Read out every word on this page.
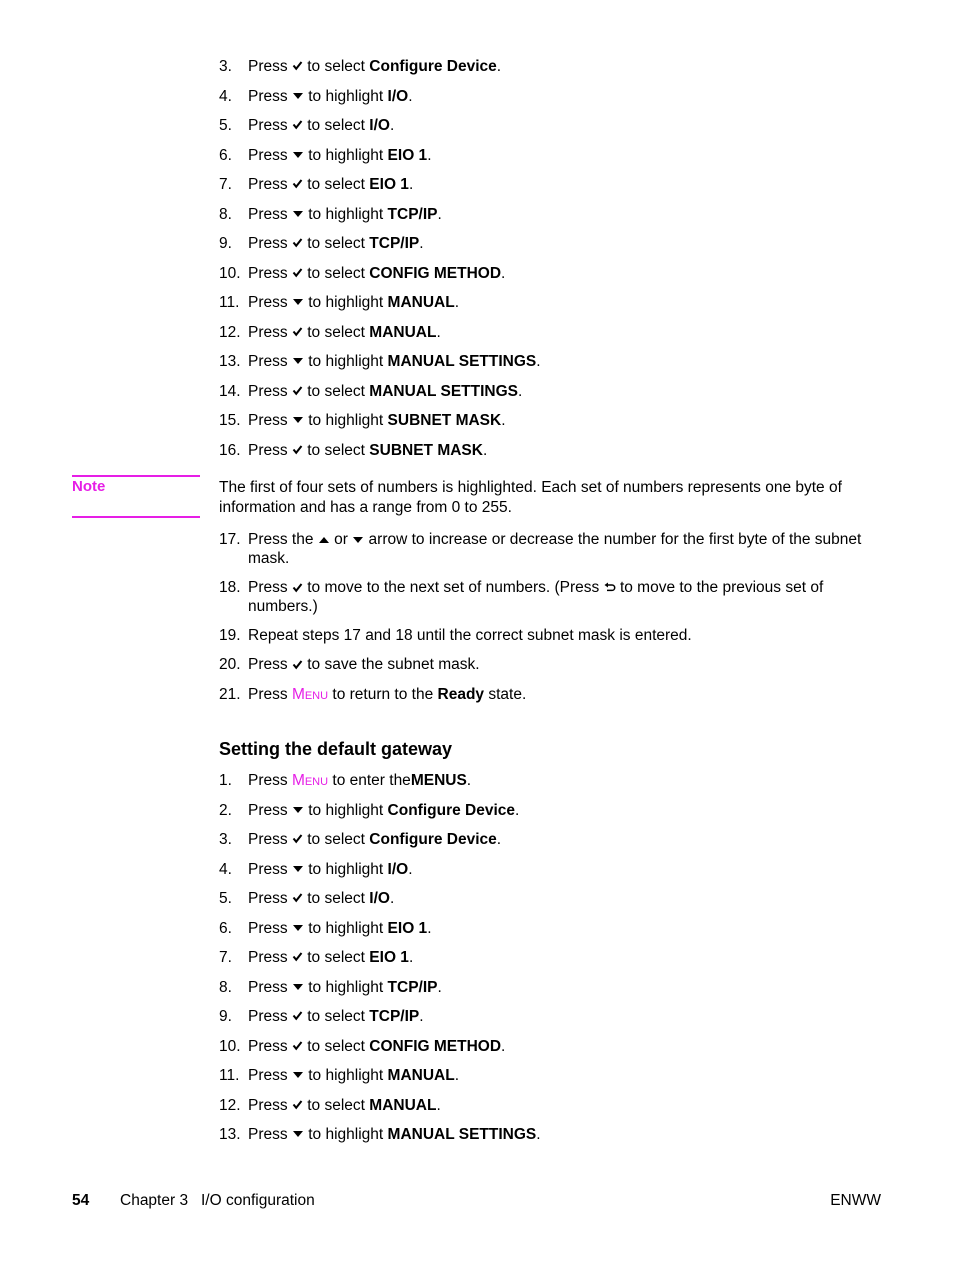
3.	Press to select Configure Device.
4.	Press to highlight I/O.
5.	Press to select I/O.
6.	Press to highlight EIO 1.
7.	Press to select EIO 1.
8.	Press to highlight TCP/IP.
9.	Press to select TCP/IP.
10. Press to select CONFIG METHOD.
11. Press to highlight MANUAL.
12. Press to select MANUAL.
13. Press to highlight MANUAL SETTINGS.
14. Press to select MANUAL SETTINGS.
15. Press to highlight SUBNET MASK.
16. Press to select SUBNET MASK.
Note	The first of four sets of numbers is highlighted. Each set of numbers represents one byte of information and has a range from 0 to 255.

17. Press the or arrow to increase or decrease the number for the first byte of the subnet mask.
18. Press to move to the next set of numbers. (Press to move to the previous set of numbers.)
19. Repeat steps 17 and 18 until the correct subnet mask is entered.
20. Press to save the subnet mask.
21. Press Menu to return to the Ready state.
Setting the default gateway
1.	Press Menu to enter theMENUS.
2.	Press to highlight Configure Device.
3.	Press to select Configure Device.
4.	Press to highlight I/O.
5.	Press to select I/O.
6.	Press to highlight EIO 1.
7.	Press to select EIO 1.
8.	Press to highlight TCP/IP.
9.	Press to select TCP/IP.
10. Press to select CONFIG METHOD.
11. Press to highlight MANUAL.
12. Press to select MANUAL.
13. Press to highlight MANUAL SETTINGS.
54 Chapter 3   I/O configuration	ENWW
